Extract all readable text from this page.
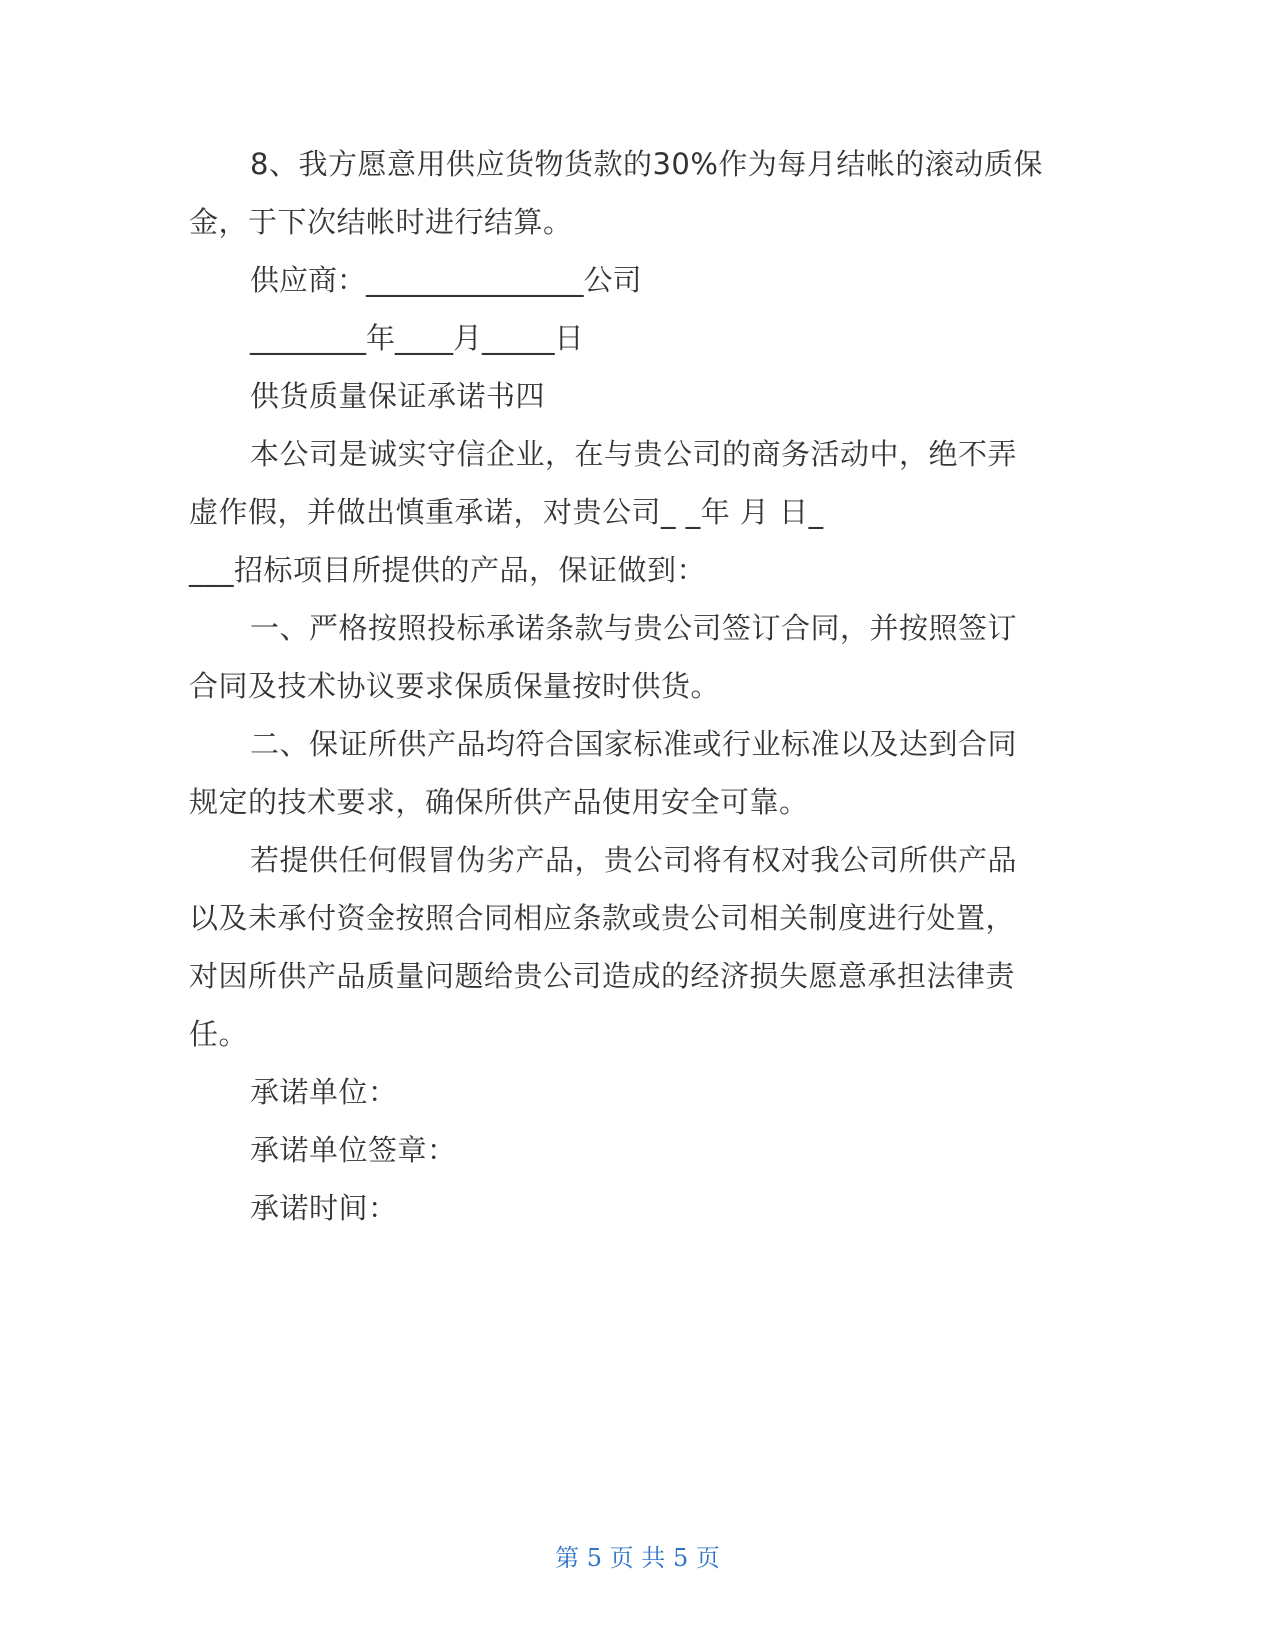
8、我方愿意用供应货物货款的30%作为每月结帐的滚动质保
金，于下次结帐时进行结算。
供应商：_______________公司
________年____月_____日
供货质量保证承诺书四
本公司是诚实守信企业，在与贵公司的商务活动中，绝不弄
虚作假，并做出慎重承诺，对贵公司_ _年 月 日_
___招标项目所提供的产品，保证做到：
一、严格按照投标承诺条款与贵公司签订合同，并按照签订
合同及技术协议要求保质保量按时供货。
二、保证所供产品均符合国家标准或行业标准以及达到合同
规定的技术要求，确保所供产品使用安全可靠。
若提供任何假冒伪劣产品，贵公司将有权对我公司所供产品
以及未承付资金按照合同相应条款或贵公司相关制度进行处置，
对因所供产品质量问题给贵公司造成的经济损失愿意承担法律责
任。
承诺单位：
承诺单位签章：
承诺时间：
第 5 页 共 5 页
